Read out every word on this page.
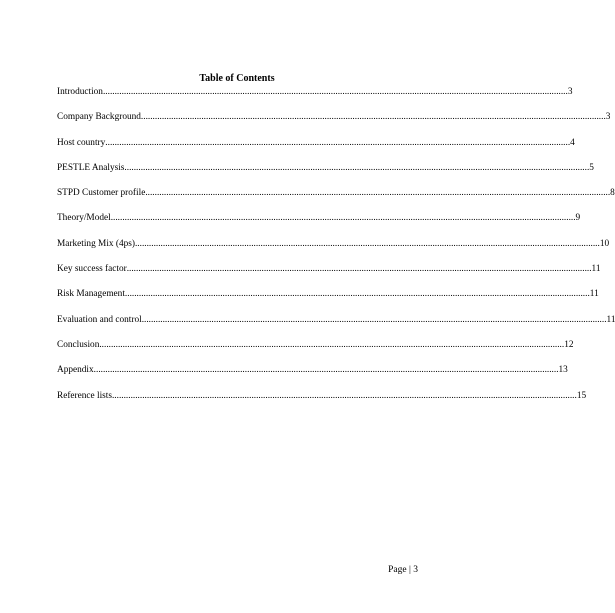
Table of Contents
Introduction ........................................................................................................................................................................................................ 3
Company Background ........................................................................................................................................................................................................ 3
Host country ........................................................................................................................................................................................................ 4
PESTLE Analysis ........................................................................................................................................................................................................ 5
STPD Customer profile ........................................................................................................................................................................................................ 8
Theory/Model ........................................................................................................................................................................................................ 9
Marketing Mix (4ps) ........................................................................................................................................................................................................ 10
Key success factor ........................................................................................................................................................................................................ 11
Risk Management ........................................................................................................................................................................................................ 11
Evaluation and control ........................................................................................................................................................................................................ 11
Conclusion ........................................................................................................................................................................................................ 12
Appendix ........................................................................................................................................................................................................ 13
Reference lists ........................................................................................................................................................................................................ 15
Page | 3
